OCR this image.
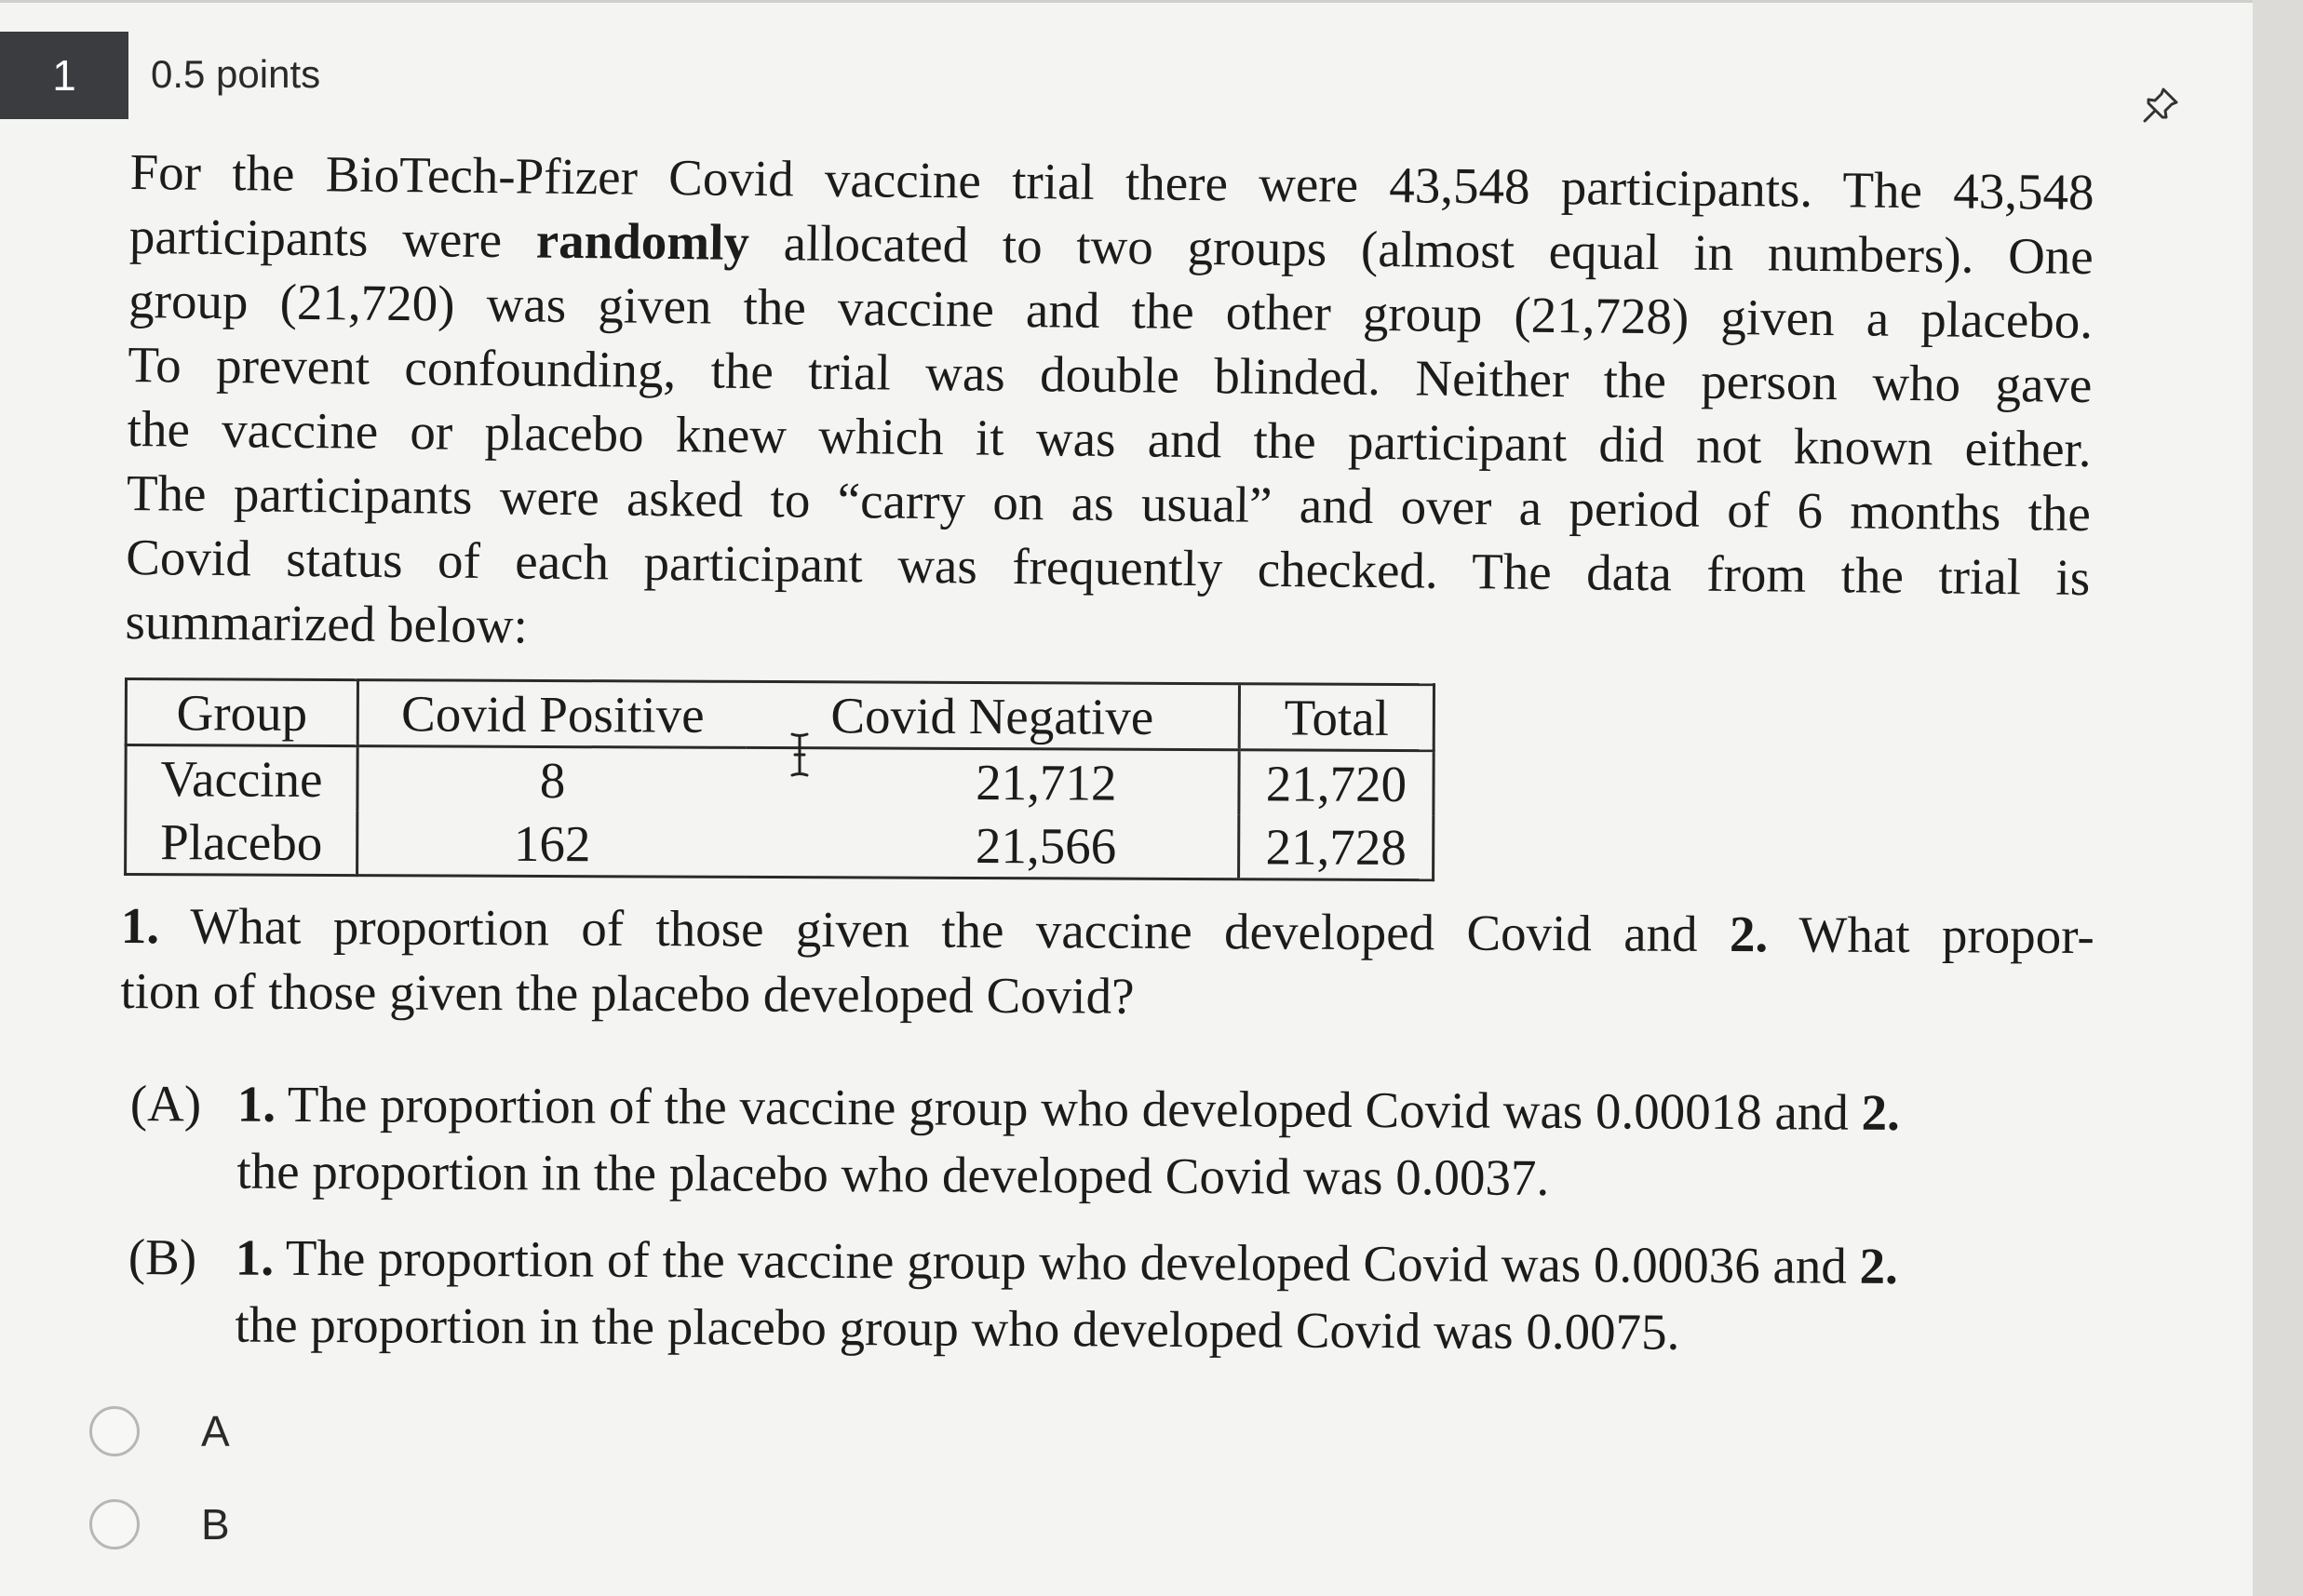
1	0.5 points
For the BioTech-Pfizer Covid vaccine trial there were 43,548 participants. The 43,548
participants were randomly allocated to two groups (almost equal in numbers). One
group (21,720) was given the vaccine and the other group (21,728) given a placebo.
To prevent confounding, the trial was double blinded. Neither the person who gave
the vaccine or placebo knew which it was and the participant did not known either.
The participants were asked to “carry on as usual” and over a period of 6 months the
Covid status of each participant was frequently checked. The data from the trial is
summarized below:
Group	Covid Positive	Covid Negative	Total
Vaccine	8	21,712	21,720
Placebo	162	21,566	21,728
1. What proportion of those given the vaccine developed Covid and 2. What propor-
tion of those given the placebo developed Covid?
(A) 1. The proportion of the vaccine group who developed Covid was 0.00018 and 2.
the proportion in the placebo who developed Covid was 0.0037.
(B) 1. The proportion of the vaccine group who developed Covid was 0.00036 and 2.
the proportion in the placebo group who developed Covid was 0.0075.
A
B
